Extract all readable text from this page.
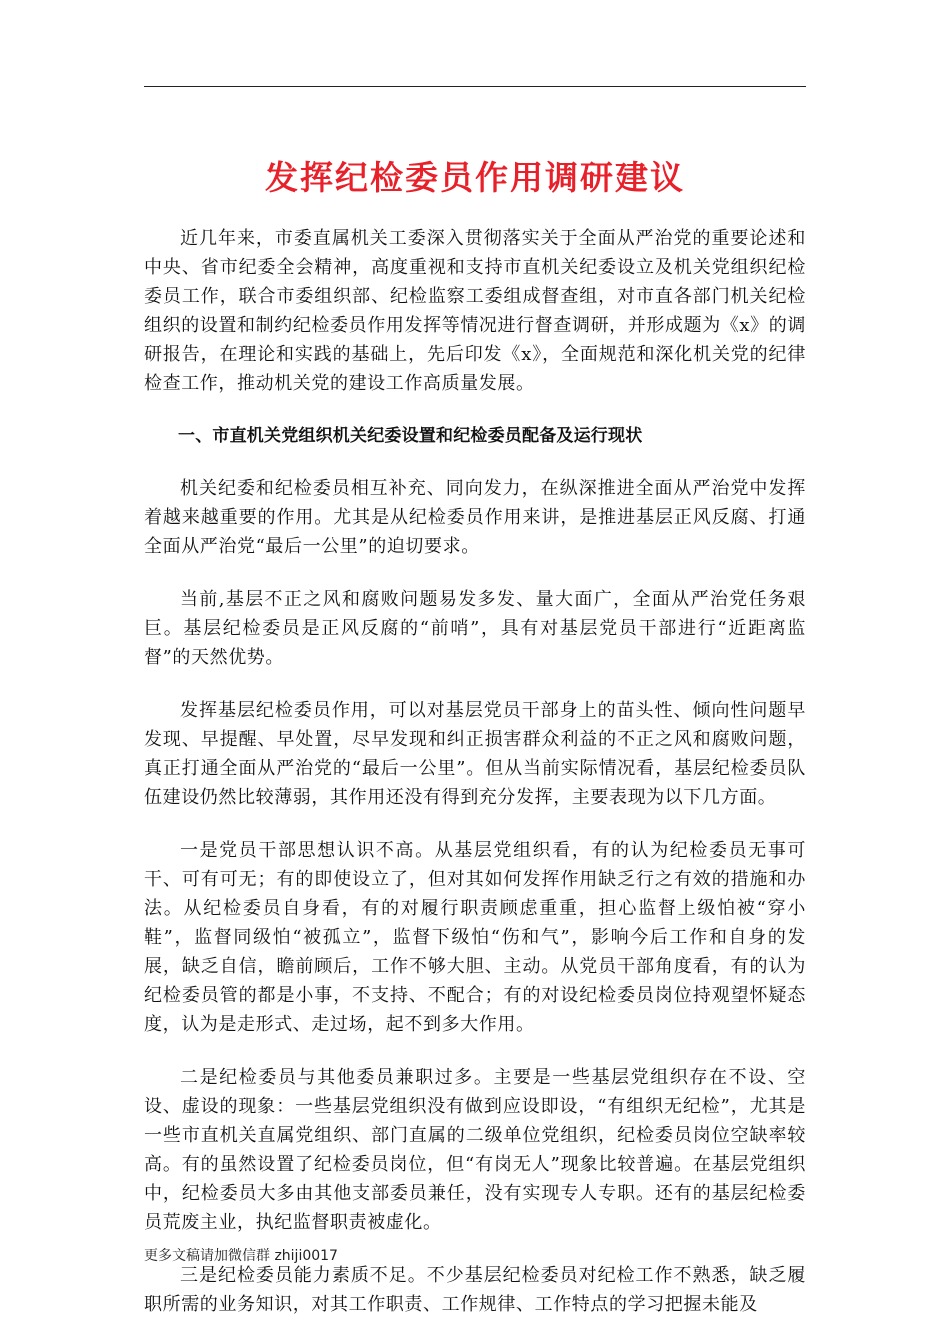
发挥纪检委员作用调研建议

近几年来，市委直属机关工委深入贯彻落实关于全面从严治党的重要论述和中央、省市纪委全会精神，高度重视和支持市直机关纪委设立及机关党组织纪检委员工作，联合市委组织部、纪检监察工委组成督查组，对市直各部门机关纪检组织的设置和制约纪检委员作用发挥等情况进行督查调研，并形成题为《x》的调研报告，在理论和实践的基础上，先后印发《x》，全面规范和深化机关党的纪律检查工作，推动机关党的建设工作高质量发展。

一、市直机关党组织机关纪委设置和纪检委员配备及运行现状

机关纪委和纪检委员相互补充、同向发力，在纵深推进全面从严治党中发挥着越来越重要的作用。尤其是从纪检委员作用来讲，是推进基层正风反腐、打通全面从严治党“最后一公里”的迫切要求。

当前,基层不正之风和腐败问题易发多发、量大面广，全面从严治党任务艰巨。基层纪检委员是正风反腐的“前哨”，具有对基层党员干部进行“近距离监督”的天然优势。

发挥基层纪检委员作用，可以对基层党员干部身上的苗头性、倾向性问题早发现、早提醒、早处置，尽早发现和纠正损害群众利益的不正之风和腐败问题，真正打通全面从严治党的“最后一公里”。但从当前实际情况看，基层纪检委员队伍建设仍然比较薄弱，其作用还没有得到充分发挥，主要表现为以下几方面。

一是党员干部思想认识不高。从基层党组织看，有的认为纪检委员无事可干、可有可无；有的即使设立了，但对其如何发挥作用缺乏行之有效的措施和办法。从纪检委员自身看，有的对履行职责顾虑重重，担心监督上级怕被“穿小鞋”，监督同级怕“被孤立”，监督下级怕“伤和气”，影响今后工作和自身的发展，缺乏自信，瞻前顾后，工作不够大胆、主动。从党员干部角度看，有的认为纪检委员管的都是小事，不支持、不配合；有的对设纪检委员岗位持观望怀疑态度，认为是走形式、走过场，起不到多大作用。

二是纪检委员与其他委员兼职过多。主要是一些基层党组织存在不设、空设、虚设的现象：一些基层党组织没有做到应设即设，“有组织无纪检”，尤其是一些市直机关直属党组织、部门直属的二级单位党组织，纪检委员岗位空缺率较高。有的虽然设置了纪检委员岗位，但“有岗无人”现象比较普遍。在基层党组织中，纪检委员大多由其他支部委员兼任，没有实现专人专职。还有的基层纪检委员荒废主业，执纪监督职责被虚化。

三是纪检委员能力素质不足。不少基层纪检委员对纪检工作不熟悉，缺乏履职所需的业务知识，对其工作职责、工作规律、工作特点的学习把握未能及

更多文稿请加微信群 zhiji0017
